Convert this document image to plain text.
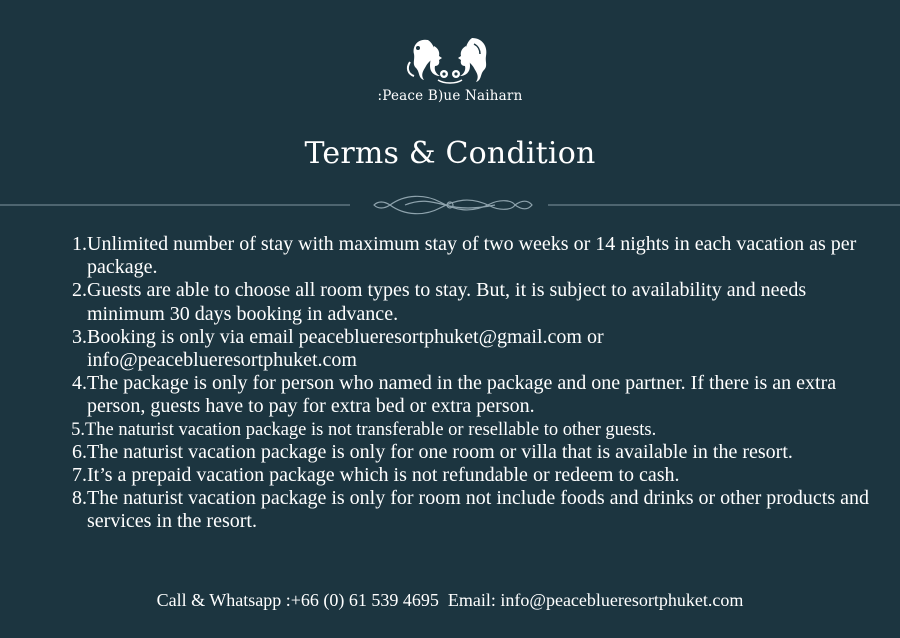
:Peace B)ue Naiharn
Terms & Condition
1. Unlimited number of stay with maximum stay of two weeks or 14 nights in each vacation as per package.
2. Guests are able to choose all room types to stay. But, it is subject to availability and needs minimum 30 days booking in advance.
3. Booking is only via email peaceblueresortphuket@gmail.com or info@peaceblueresortphuket.com
4. The package is only for person who named in the package and one partner. If there is an extra person, guests have to pay for extra bed or extra person.
5. The naturist vacation package is not transferable or resellable to other guests.
6. The naturist vacation package is only for one room or villa that is available in the resort.
7. It’s a prepaid vacation package which is not refundable or redeem to cash.
8. The naturist vacation package is only for room not include foods and drinks or other products and services in the resort.
Call & Whatsapp :+66 (0) 61 539 4695  Email: info@peaceblueresortphuket.com
